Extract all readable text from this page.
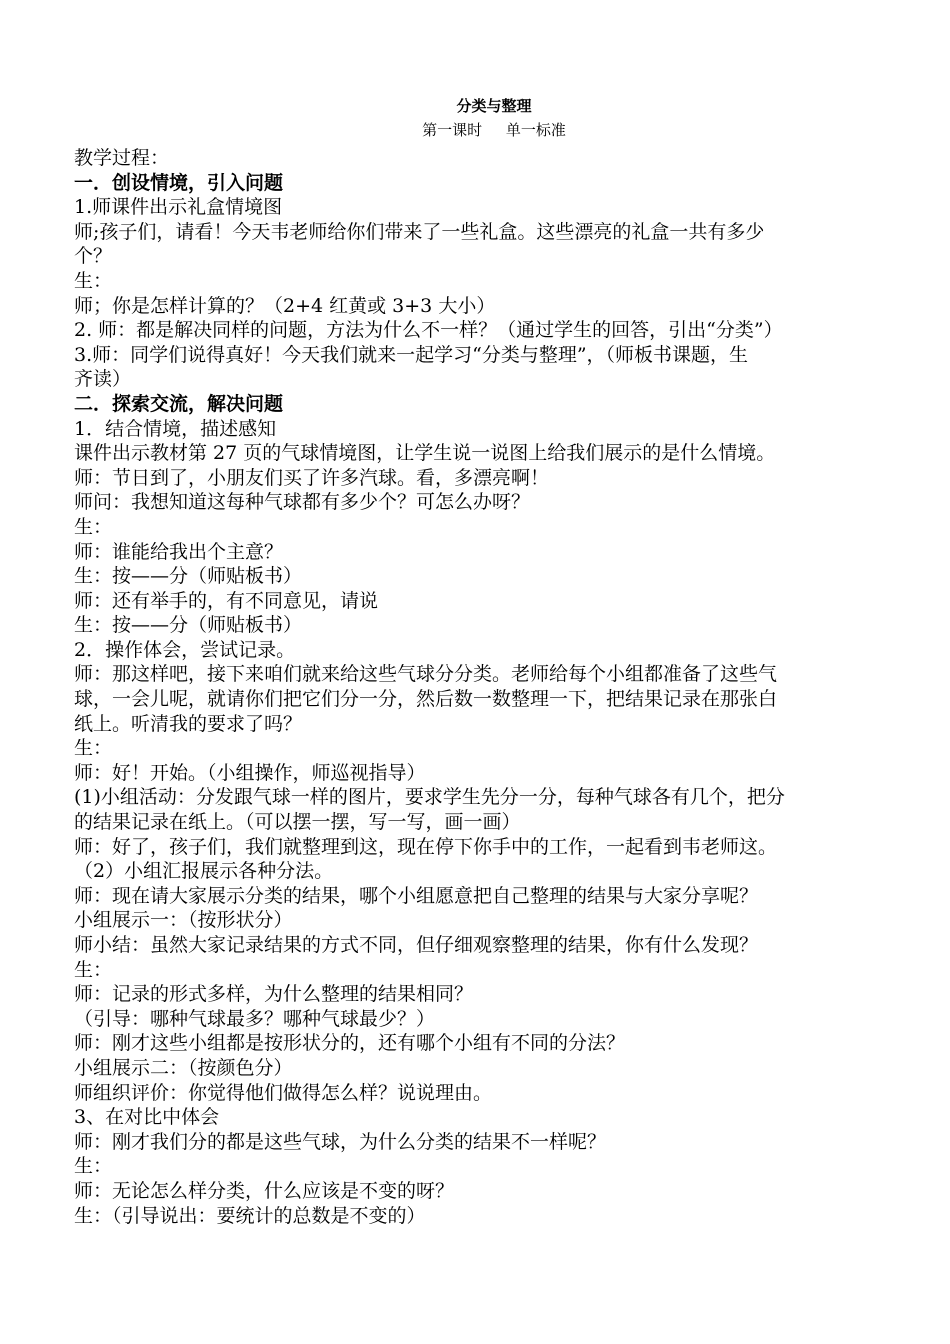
分类与整理
第一课时     单一标准
教学过程：
一．创设情境，引入问题
1.师课件出示礼盒情境图
师;孩子们，请看！今天韦老师给你们带来了一些礼盒。这些漂亮的礼盒一共有多少
个？
生：
师；你是怎样计算的？（2+4 红黄或 3+3 大小）
2. 师：都是解决同样的问题，方法为什么不一样？（通过学生的回答，引出“分类”）
3.师：同学们说得真好！今天我们就来一起学习“分类与整理”，（师板书课题，生
齐读）
二．探索交流，解决问题
1．结合情境，描述感知
课件出示教材第 27 页的气球情境图，让学生说一说图上给我们展示的是什么情境。
师：节日到了，小朋友们买了许多汽球。看，多漂亮啊！
师问：我想知道这每种气球都有多少个？可怎么办呀？
生：
师：谁能给我出个主意？
生：按——分（师贴板书）
师：还有举手的，有不同意见，请说
生：按——分（师贴板书）
2．操作体会，尝试记录。
师：那这样吧，接下来咱们就来给这些气球分分类。老师给每个小组都准备了这些气
球，一会儿呢，就请你们把它们分一分，然后数一数整理一下，把结果记录在那张白
纸上。听清我的要求了吗？
生：
师：好！开始。（小组操作，师巡视指导）
(1)小组活动：分发跟气球一样的图片，要求学生先分一分，每种气球各有几个，把分
的结果记录在纸上。（可以摆一摆，写一写，画一画）
师：好了，孩子们，我们就整理到这，现在停下你手中的工作，一起看到韦老师这。
（2）小组汇报展示各种分法。
师：现在请大家展示分类的结果，哪个小组愿意把自己整理的结果与大家分享呢？
小组展示一：（按形状分）
师小结：虽然大家记录结果的方式不同，但仔细观察整理的结果，你有什么发现？
生：
师：记录的形式多样，为什么整理的结果相同？
（引导：哪种气球最多？哪种气球最少？）
师：刚才这些小组都是按形状分的，还有哪个小组有不同的分法？
小组展示二：（按颜色分）
师组织评价：你觉得他们做得怎么样？说说理由。
3、在对比中体会
师：刚才我们分的都是这些气球，为什么分类的结果不一样呢？
生：
师：无论怎么样分类，什么应该是不变的呀？
生：（引导说出：要统计的总数是不变的）
